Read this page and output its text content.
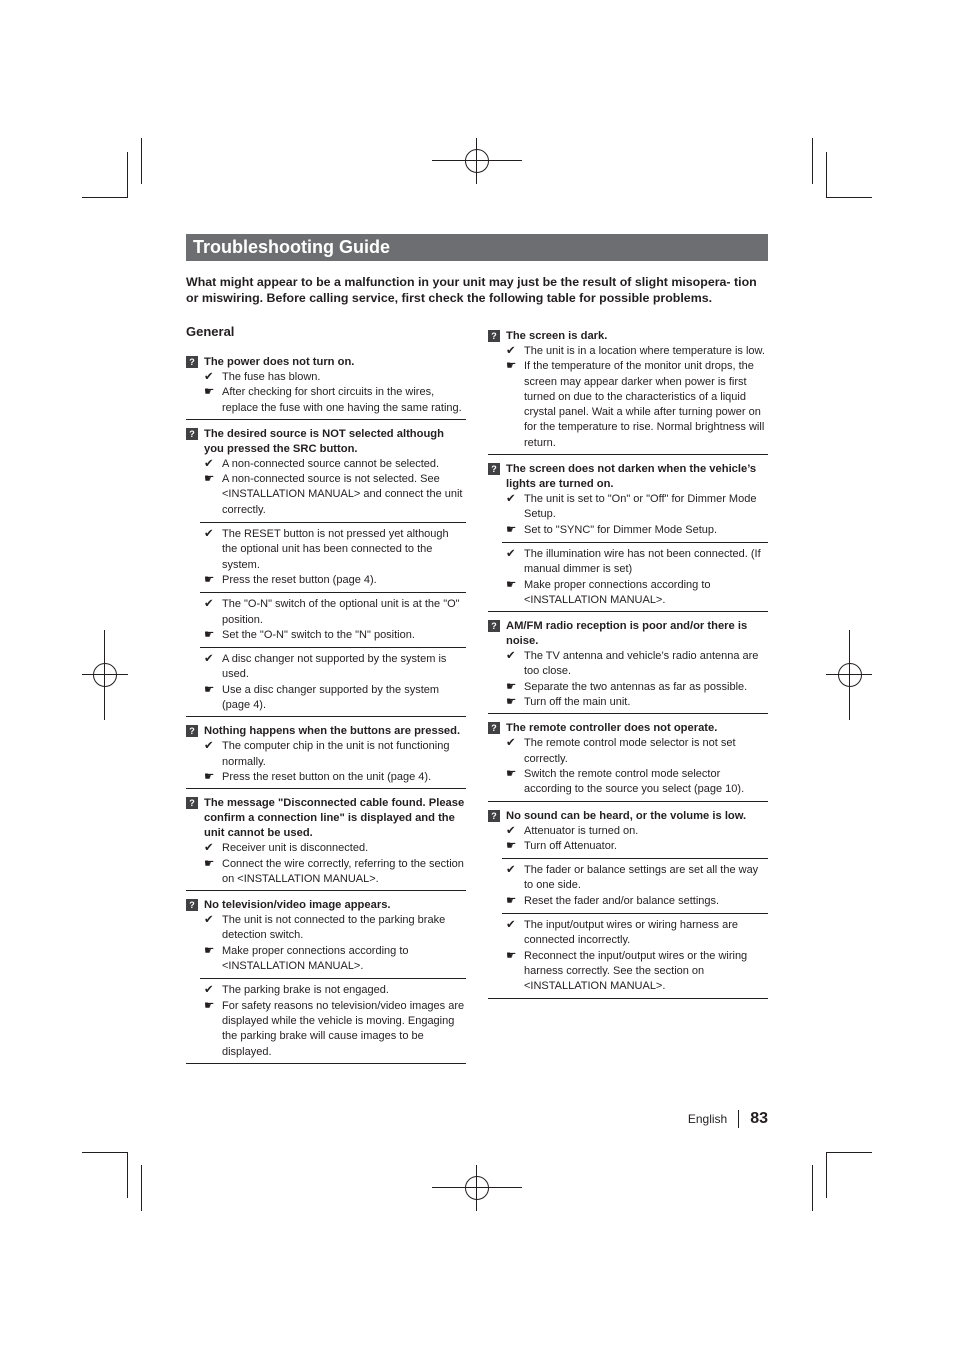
Troubleshooting Guide

What might appear to be a malfunction in your unit may just be the result of slight misopera- tion or miswiring. Before calling service, first check the following table for possible problems.

General
? The power does not turn on.
✔ The fuse has blown.
☛ After checking for short circuits in the wires, replace the fuse with one having the same rating.
? The desired source is NOT selected although you pressed the SRC button.
✔ A non-connected source cannot be selected.
☛ A non-connected source is not selected. See <INSTALLATION MANUAL> and connect the unit correctly.
✔ The RESET button is not pressed yet although the optional unit has been connected to the system.
☛ Press the reset button (page 4).
✔ The "O-N" switch of the optional unit is at the "O" position.
☛ Set the "O-N" switch to the "N" position.
✔ A disc changer not supported by the system is used.
☛ Use a disc changer supported by the system (page 4).
? Nothing happens when the buttons are pressed.
✔ The computer chip in the unit is not functioning normally.
☛ Press the reset button on the unit (page 4).
? The message "Disconnected cable found. Please confirm a connection line" is displayed and the unit cannot be used.
✔ Receiver unit is disconnected.
☛ Connect the wire correctly, referring to the section on <INSTALLATION MANUAL>.
? No television/video image appears.
✔ The unit is not connected to the parking brake detection switch.
☛ Make proper connections according to <INSTALLATION MANUAL>.
✔ The parking brake is not engaged.
☛ For safety reasons no television/video images are displayed while the vehicle is moving. Engaging the parking brake will cause images to be displayed.
? The screen is dark.
✔ The unit is in a location where temperature is low.
☛ If the temperature of the monitor unit drops, the screen may appear darker when power is first turned on due to the characteristics of a liquid crystal panel. Wait a while after turning power on for the temperature to rise. Normal brightness will return.
? The screen does not darken when the vehicle’s lights are turned on.
✔ The unit is set to "On" or "Off" for Dimmer Mode Setup.
☛ Set to "SYNC" for Dimmer Mode Setup.
✔ The illumination wire has not been connected. (If manual dimmer is set)
☛ Make proper connections according to <INSTALLATION MANUAL>.
? AM/FM radio reception is poor and/or there is noise.
✔ The TV antenna and vehicle’s radio antenna are too close.
☛ Separate the two antennas as far as possible.
☛ Turn off the main unit.
? The remote controller does not operate.
✔ The remote control mode selector is not set correctly.
☛ Switch the remote control mode selector according to the source you select (page 10).
? No sound can be heard, or the volume is low.
✔ Attenuator is turned on.
☛ Turn off Attenuator.
✔ The fader or balance settings are set all the way to one side.
☛ Reset the fader and/or balance settings.
✔ The input/output wires or wiring harness are connected incorrectly.
☛ Reconnect the input/output wires or the wiring harness correctly. See the section on <INSTALLATION MANUAL>.
English 83
